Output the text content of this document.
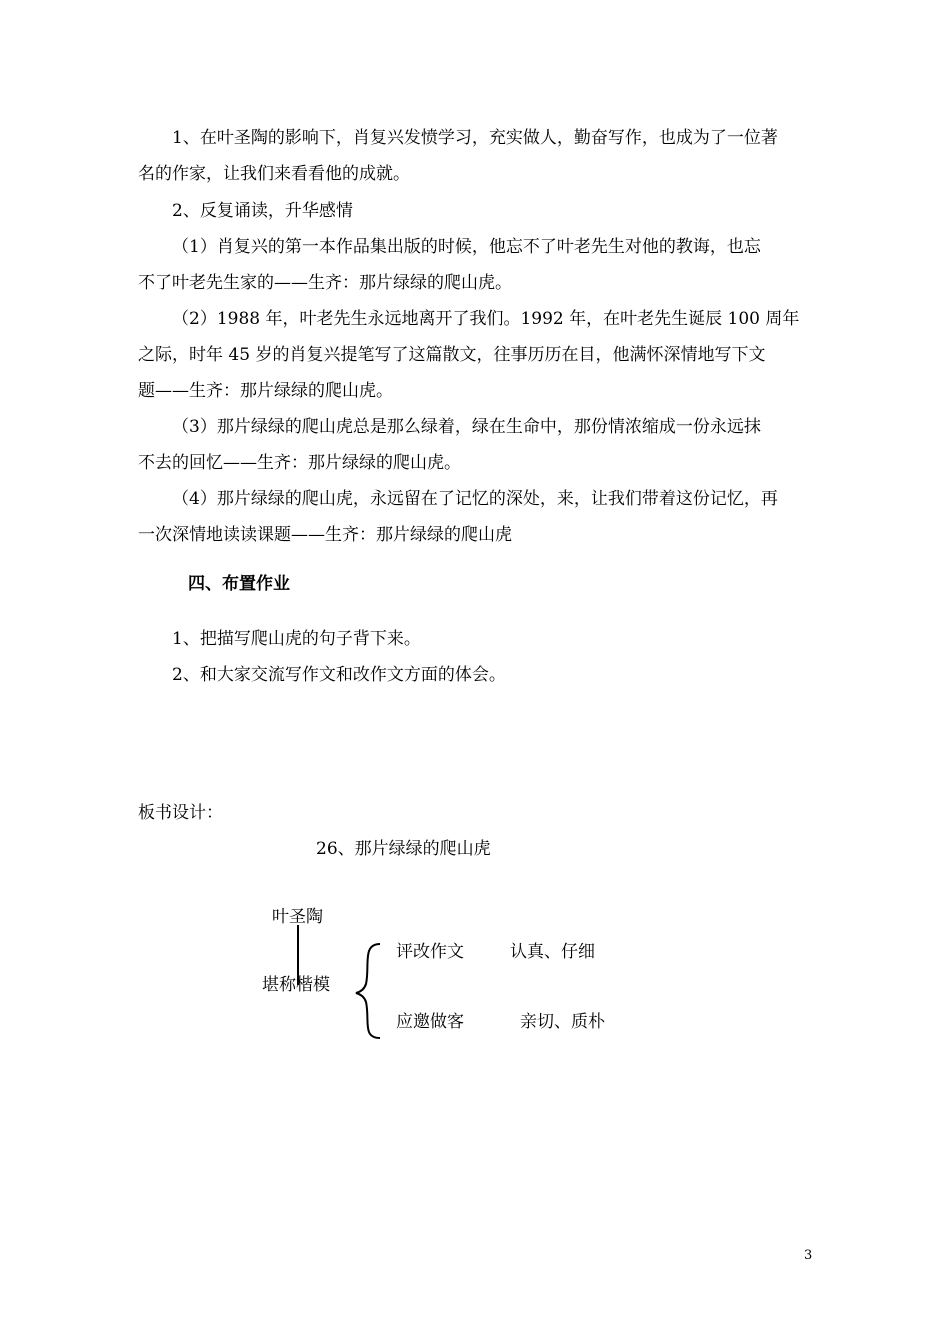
1、在叶圣陶的影响下，肖复兴发愤学习，充实做人，勤奋写作，也成为了一位著
名的作家，让我们来看看他的成就。
2、反复诵读，升华感情
（1）肖复兴的第一本作品集出版的时候，他忘不了叶老先生对他的教诲，也忘
不了叶老先生家的——生齐：那片绿绿的爬山虎。
（2）1988 年，叶老先生永远地离开了我们。1992 年，在叶老先生诞辰 100 周年
之际，时年 45 岁的肖复兴提笔写了这篇散文，往事历历在目，他满怀深情地写下文
题——生齐：那片绿绿的爬山虎。
（3）那片绿绿的爬山虎总是那么绿着，绿在生命中，那份情浓缩成一份永远抹
不去的回忆——生齐：那片绿绿的爬山虎。
（4）那片绿绿的爬山虎，永远留在了记忆的深处，来，让我们带着这份记忆，再
一次深情地读读课题——生齐：那片绿绿的爬山虎
四、布置作业
1、把描写爬山虎的句子背下来。
2、和大家交流写作文和改作文方面的体会。
板书设计：
26、那片绿绿的爬山虎
叶圣陶
堪称楷模
评改作文	认真、仔细
应邀做客	亲切、质朴
3
